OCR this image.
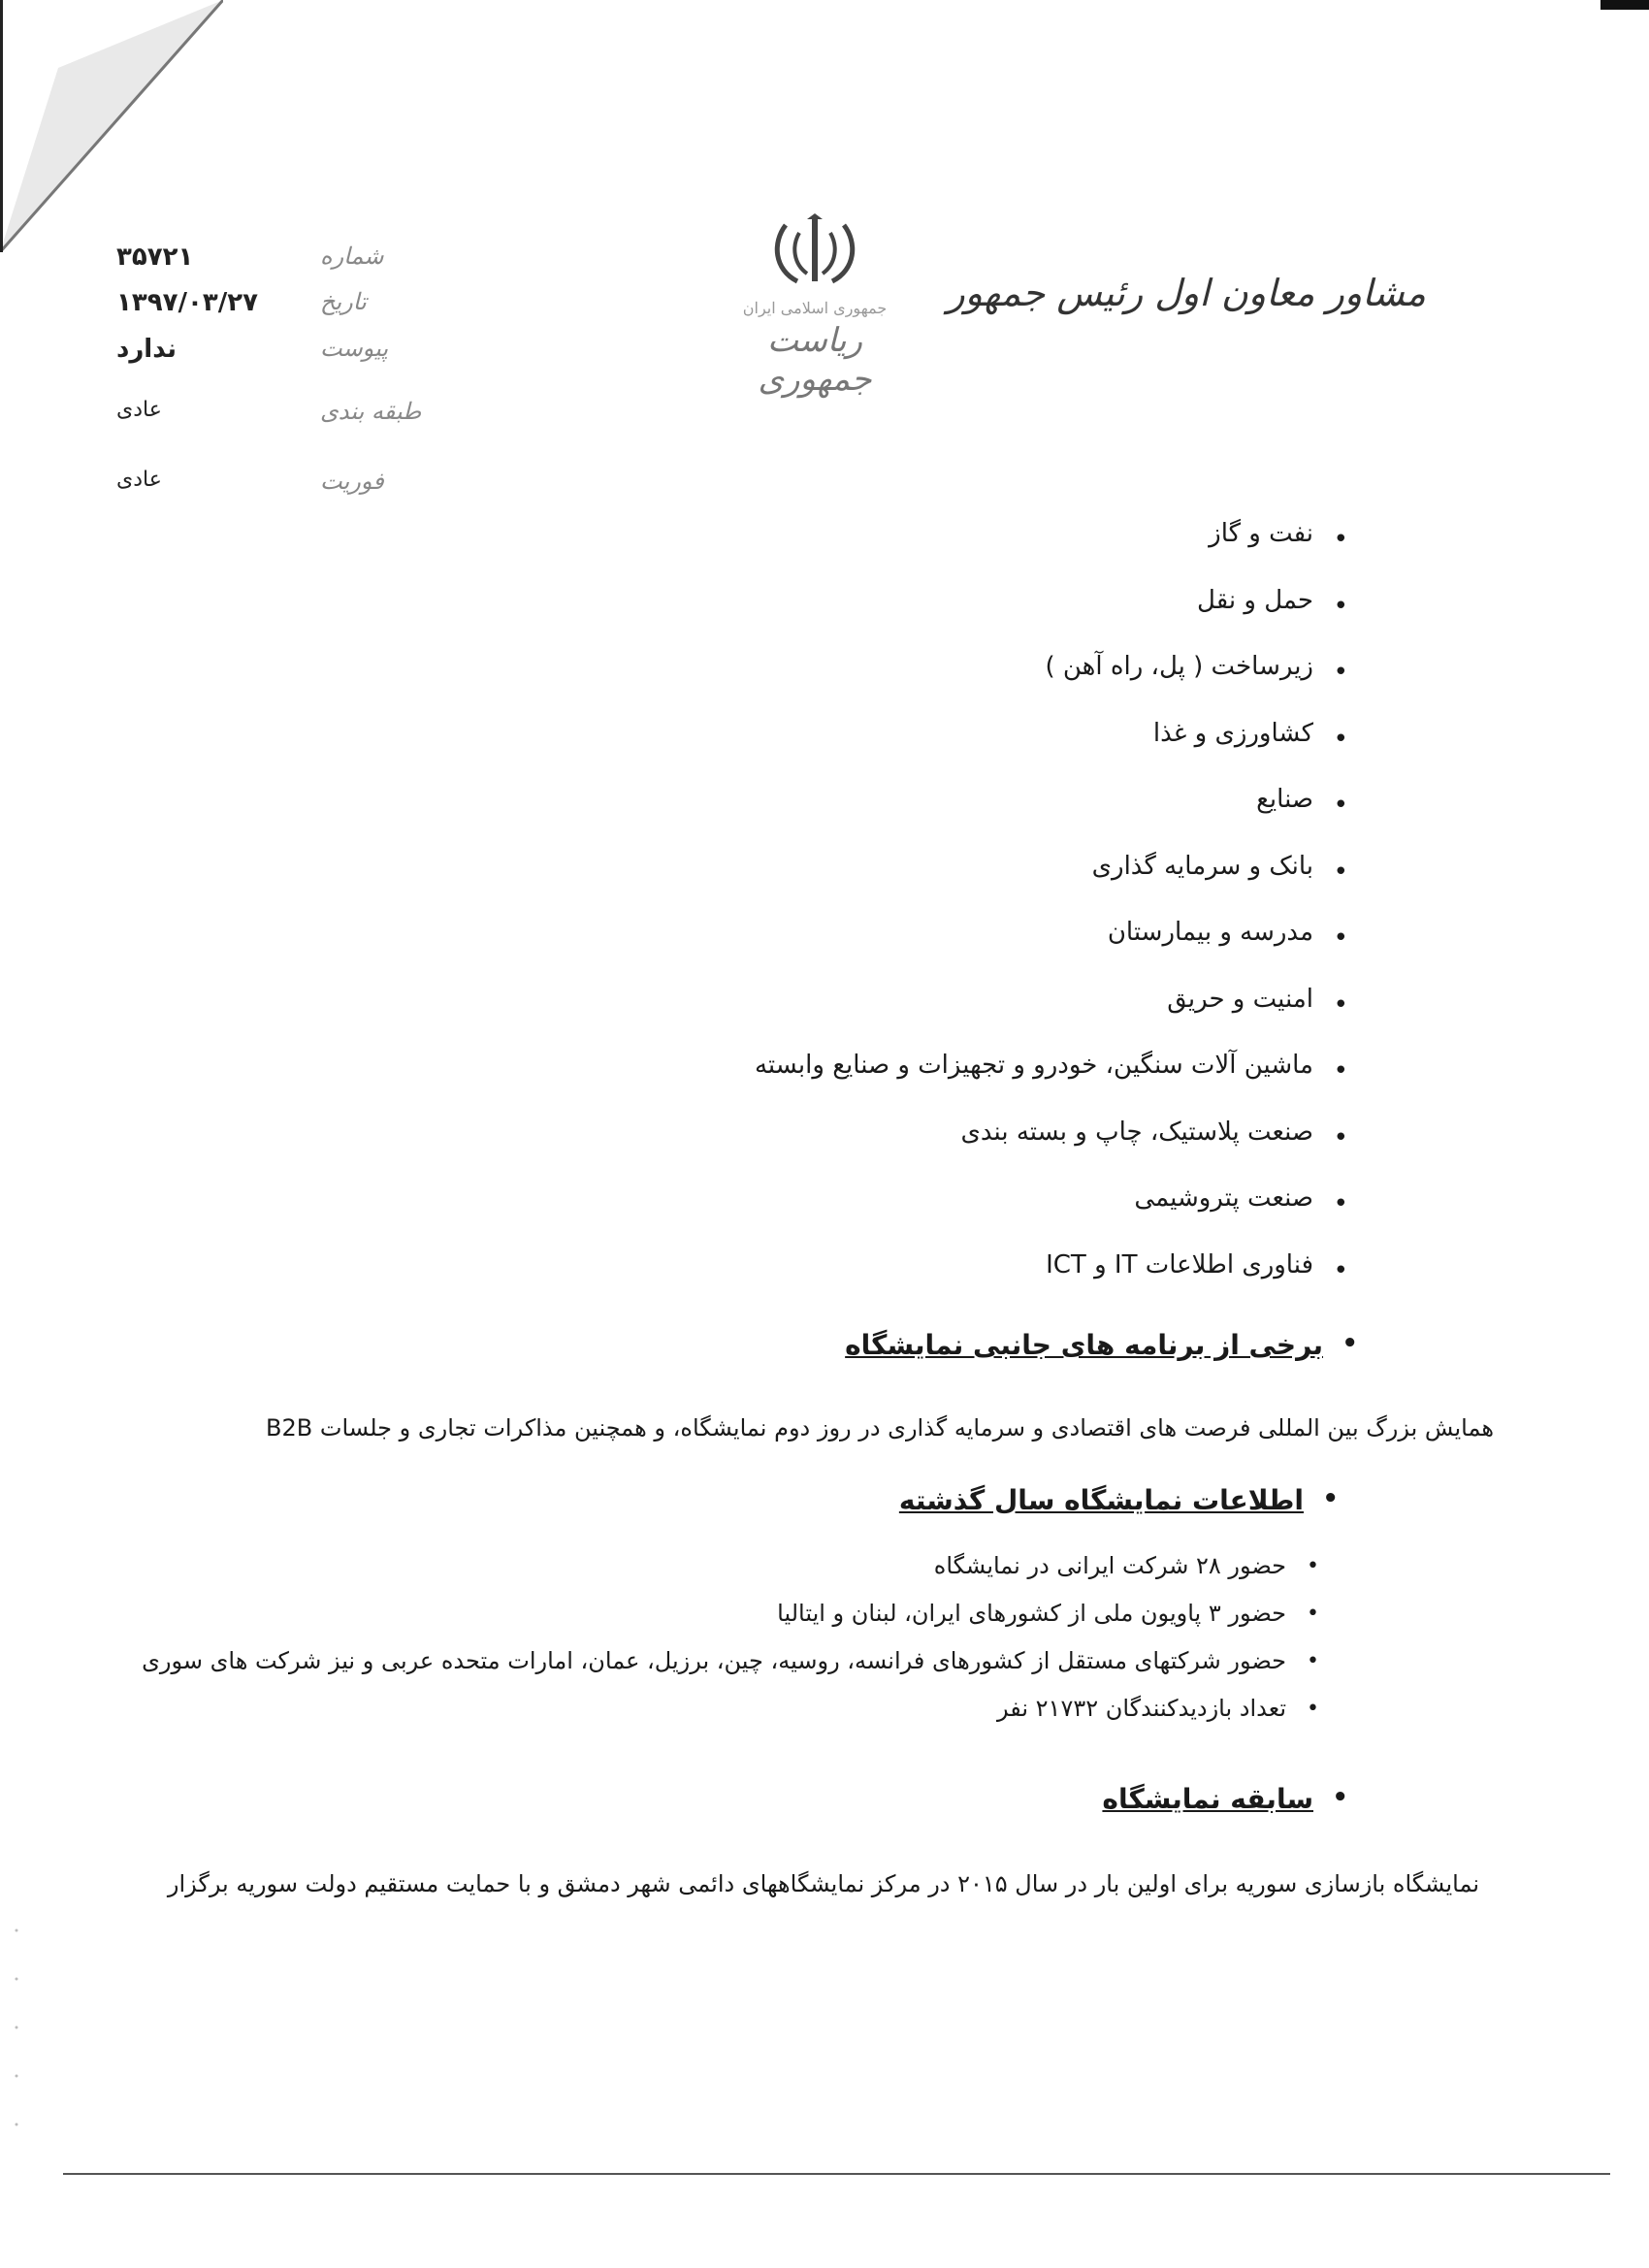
۳۵۷۲۱	شماره
۱۳۹۷/۰۳/۲۷	تاریخ
ندارد	پیوست
عادی	طبقه بندی
عادی	فوریت
جمهوری اسلامی ایران
ریاست جمهوری
مشاور معاون اول رئیس جمهور
•
نفت و گاز
•
حمل و نقل
•
زیرساخت ( پل، راه آهن )
•
کشاورزی و غذا
•
صنایع
•
بانک و سرمایه گذاری
•
مدرسه و بیمارستان
•
امنیت و حریق
•
ماشین آلات سنگین، خودرو و تجهیزات و صنایع وابسته
•
صنعت پلاستیک، چاپ و بسته بندی
•
صنعت پتروشیمی
•
فناوری اطلاعات IT و ICT
•
برخی از برنامه های جانبی نمایشگاه
همایش بزرگ بین المللی فرصت های اقتصادی و سرمایه گذاری در روز دوم نمایشگاه، و همچنین مذاکرات تجاری و جلسات B2B
•
اطلاعات نمایشگاه سال گذشته
•
حضور ۲۸ شرکت ایرانی در نمایشگاه
•
حضور ۳ پاویون ملی از کشورهای ایران، لبنان و ایتالیا
•
حضور شرکتهای مستقل از کشورهای فرانسه، روسیه، چین، برزیل، عمان، امارات متحده عربی و نیز شرکت های سوری
•
تعداد بازدیدکنندگان ۲۱۷۳۲ نفر
•
سابقه نمایشگاه
نمایشگاه بازسازی سوریه برای اولین بار در سال ۲۰۱۵ در مرکز نمایشگاههای دائمی شهر دمشق و با حمایت مستقیم دولت سوریه برگزار
